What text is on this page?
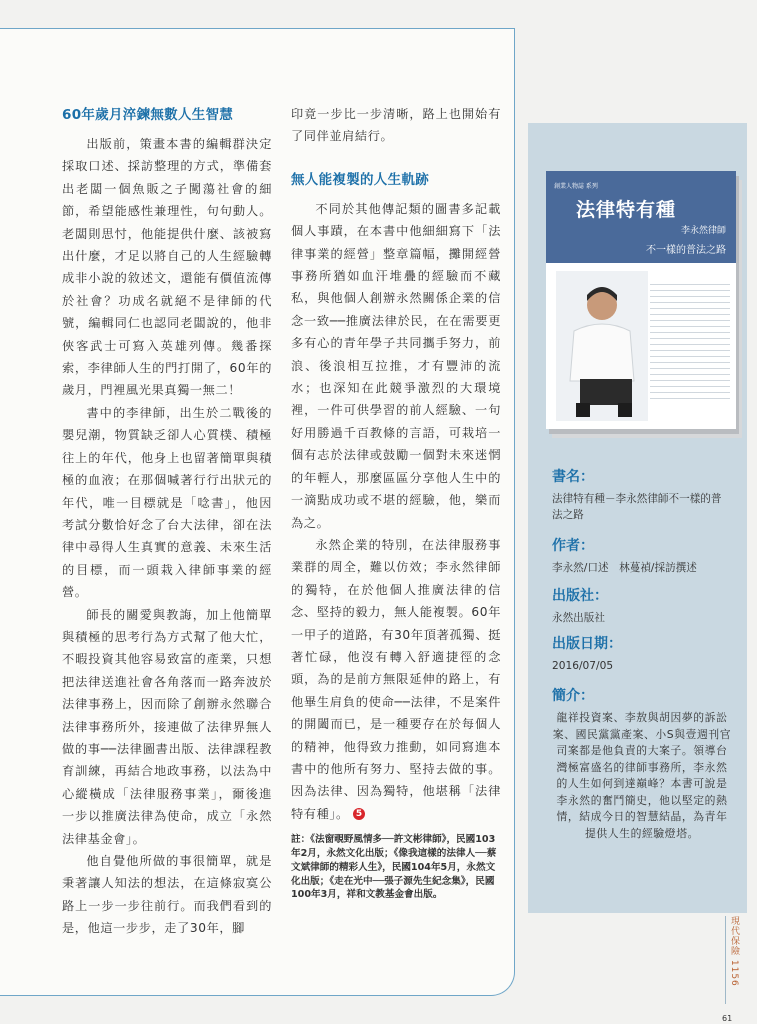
60年歲月淬鍊無數人生智慧

出版前，策畫本書的編輯群決定採取口述、採訪整理的方式，準備套出老闆一個魚販之子闖蕩社會的細節，希望能感性兼理性，句句動人。老闆則思忖，他能提供什麼、該被寫出什麼，才足以將自己的人生經驗轉成非小說的敘述文，還能有價值流傳於社會？功成名就絕不是律師的代號，編輯同仁也認同老闆說的，他非俠客武士可寫入英雄列傳。幾番探索，李律師人生的門打開了，60年的歲月，門裡風光果真獨一無二！

書中的李律師，出生於二戰後的嬰兒潮，物質缺乏卻人心質樸、積極往上的年代，他身上也留著簡單與積極的血液；在那個喊著行行出狀元的年代，唯一目標就是「唸書」，他因考試分數恰好念了台大法律，卻在法律中尋得人生真實的意義、未來生活的目標，而一頭栽入律師事業的經營。

師長的關愛與教誨，加上他簡單與積極的思考行為方式幫了他大忙，不暇投資其他容易致富的產業，只想把法律送進社會各角落而一路奔波於法律事務上，因而除了創辦永然聯合法律事務所外，接連做了法律界無人做的事──法律圖書出版、法律課程教育訓練，再結合地政事務，以法為中心縱橫成「法律服務事業」，爾後進一步以推廣法律為使命，成立「永然法律基金會」。

他自覺他所做的事很簡單，就是秉著讓人知法的想法，在這條寂寞公路上一步一步往前行。而我們看到的是，他這一步步，走了30年，腳

印竟一步比一步清晰，路上也開始有了同伴並肩結行。

無人能複製的人生軌跡

不同於其他傳記類的圖書多記載個人事蹟，在本書中他細細寫下「法律事業的經營」整章篇幅，攤開經營事務所猶如血汗堆疊的經驗而不藏私，與他個人創辦永然關係企業的信念一致──推廣法律於民，在在需要更多有心的青年學子共同攜手努力，前浪、後浪相互拉推，才有豐沛的流水；也深知在此競爭激烈的大環境裡，一件可供學習的前人經驗、一句好用勝過千百教條的言語，可栽培一個有志於法律或鼓勵一個對未來迷惘的年輕人，那麼區區分享他人生中的一滴點成功或不堪的經驗，他，樂而為之。

永然企業的特別，在法律服務事業群的周全，難以仿效；李永然律師的獨特，在於他個人推廣法律的信念、堅持的毅力，無人能複製。60年一甲子的道路，有30年頂著孤獨、挺著忙碌，他沒有轉入舒適捷徑的念頭，為的是前方無限延伸的路上，有他畢生肩負的使命──法律，不是案件的開闔而已，是一種要存在於每個人的精神，他得致力推動，如同寫進本書中的他所有努力、堅持去做的事。因為法律、因為獨特，他堪稱「法律特有種」。 5

註：《法窗覗野風情多──許文彬律師》，民國103年2月，永然文化出版；《像我這樣的法律人──蔡文斌律師的精彩人生》，民國104年5月，永然文化出版；《走在光中──張子源先生紀念集》，民國100年3月，祥和文教基金會出版。
創業人物誌 系列
法律特有種
李永然律師
不一樣的普法之路
書名：
法律特有種－李永然律師不一樣的普法之路
作者：
李永然/口述　林蔓禎/採訪撰述
出版社：
永然出版社
出版日期：
2016/07/05
簡介：
龍祥投資案、李敖與胡因夢的訴訟案、國民黨黨產案、小S與壹週刊官司案都是他負責的大案子。領導台灣極富盛名的律師事務所，李永然的人生如何到達巔峰？本書可說是李永然的奮鬥簡史，他以堅定的熱情，結成今日的智慧結晶，為青年提供人生的經驗燈塔。
現代保險 1156
61
